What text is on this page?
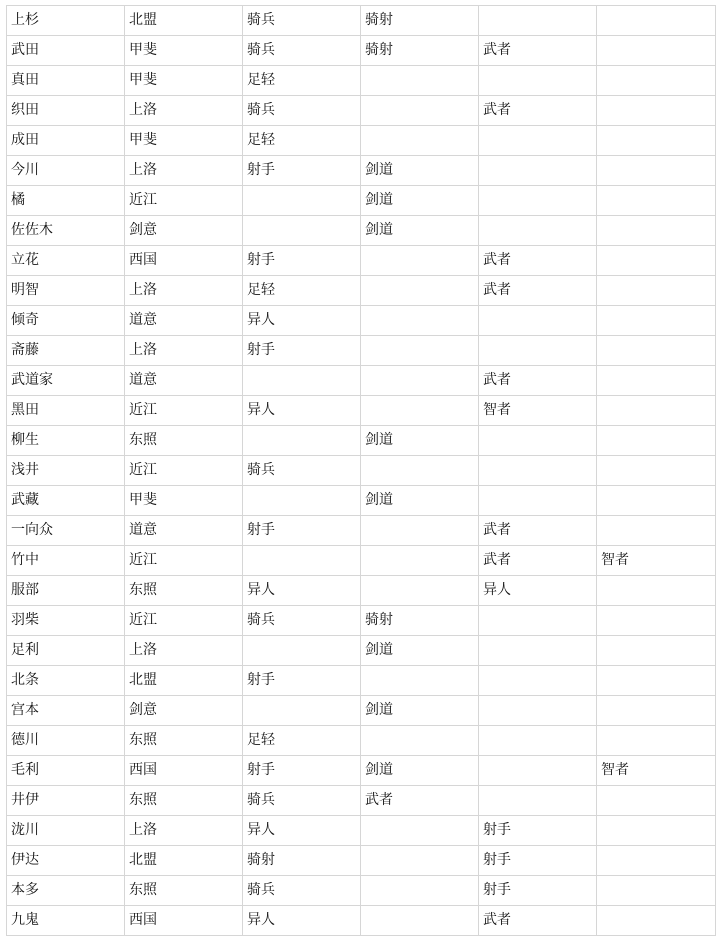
上杉	北盟	骑兵	骑射		
武田	甲斐	骑兵	骑射	武者	
真田	甲斐	足轻			
织田	上洛	骑兵		武者	
成田	甲斐	足轻			
今川	上洛	射手	剑道		
橘	近江		剑道		
佐佐木	剑意		剑道		
立花	西国	射手		武者	
明智	上洛	足轻		武者	
倾奇	道意	异人			
斋藤	上洛	射手			
武道家	道意			武者	
黑田	近江	异人		智者	
柳生	东照		剑道		
浅井	近江	骑兵			
武藏	甲斐		剑道		
一向众	道意	射手		武者	
竹中	近江			武者	智者
服部	东照	异人		异人	
羽柴	近江	骑兵	骑射		
足利	上洛		剑道		
北条	北盟	射手			
宫本	剑意		剑道		
德川	东照	足轻			
毛利	西国	射手	剑道		智者
井伊	东照	骑兵	武者		
泷川	上洛	异人		射手	
伊达	北盟	骑射		射手	
本多	东照	骑兵		射手	
九鬼	西国	异人		武者	
